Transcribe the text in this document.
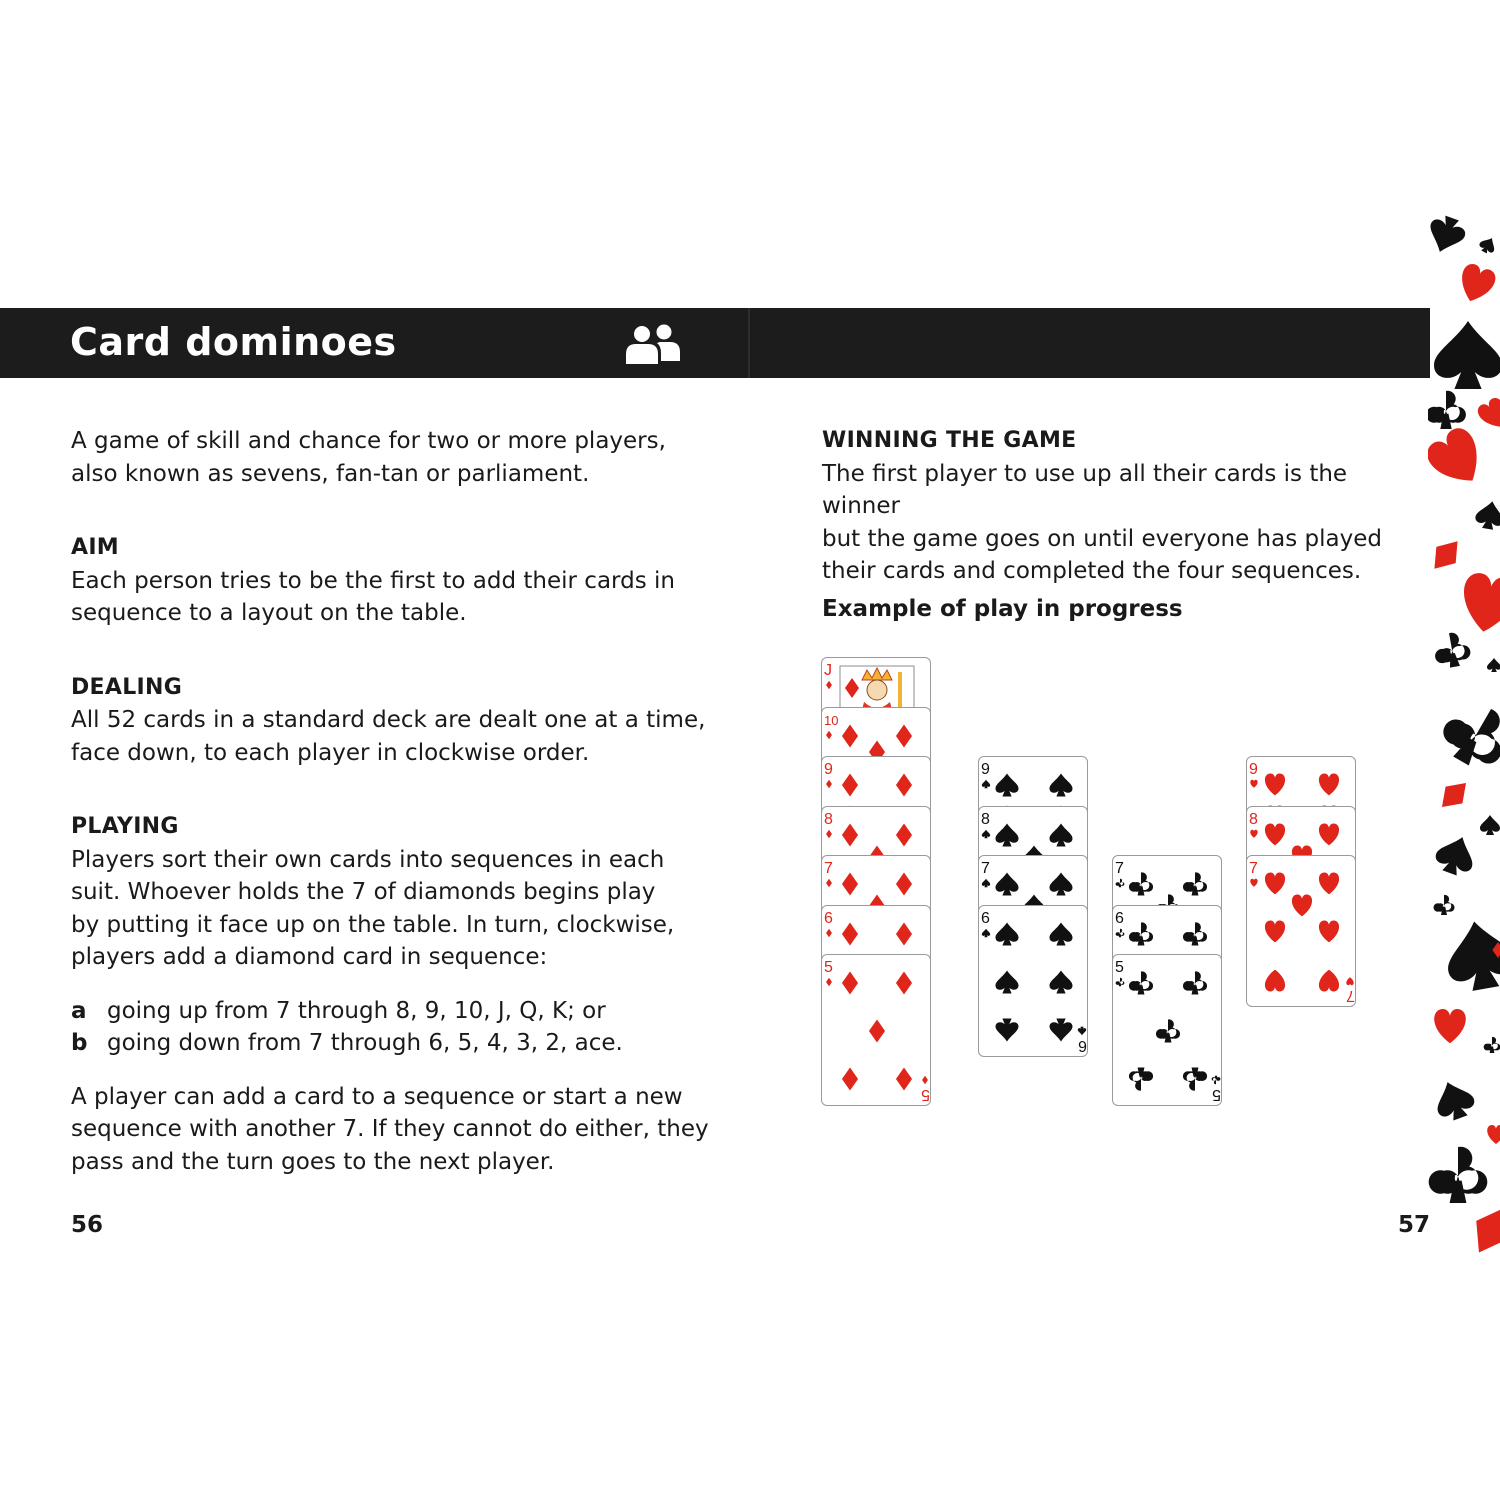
Card dominoes

A game of skill and chance for two or more players,

also known as sevens, fan-tan or parliament.

AIM

Each person tries to be the first to add their cards in

sequence to a layout on the table.

DEALING

All 52 cards in a standard deck are dealt one at a time,

face down, to each player in clockwise order.

PLAYING

Players sort their own cards into sequences in each

suit. Whoever holds the 7 of diamonds begins play

by putting it face up on the table. In turn, clockwise,

players add a diamond card in sequence:

a going up from 7 through 8, 9, 10, J, Q, K; or
b going down from 7 through 6, 5, 4, 3, 2, ace.

A player can add a card to a sequence or start a new

sequence with another 7. If they cannot do either, they

pass and the turn goes to the next player.

WINNING THE GAME

The first player to use up all their cards is the winner

but the game goes on until everyone has played

their cards and completed the four sequences.

Example of play in progress
J
10
9
8
7
6
5
5
9
8
7
6
6
7
6
5
5
9
8
7
7
56	57
